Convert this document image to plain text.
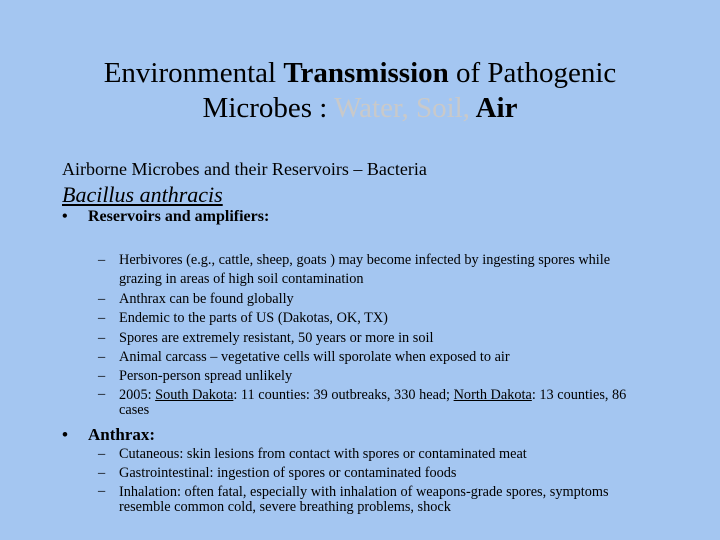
Environmental Transmission of Pathogenic
Microbes : Water, Soil, Air
Airborne Microbes and their Reservoirs – Bacteria
Bacillus anthracis
• Reservoirs and amplifiers:
– Herbivores (e.g., cattle, sheep, goats ) may become infected by ingesting spores while grazing in areas of high soil contamination
– Anthrax can be found globally
– Endemic to the parts of US (Dakotas, OK, TX)
– Spores are extremely resistant, 50 years or more in soil
– Animal carcass – vegetative cells will sporolate when exposed to air
– Person-person spread unlikely
– 2005: South Dakota: 11 counties: 39 outbreaks, 330 head; North Dakota: 13 counties, 86 cases
• Anthrax:
– Cutaneous: skin lesions from contact with spores or contaminated meat
– Gastrointestinal: ingestion of spores or contaminated foods
– Inhalation: often fatal, especially with inhalation of weapons-grade spores, symptoms resemble common cold, severe breathing problems, shock
